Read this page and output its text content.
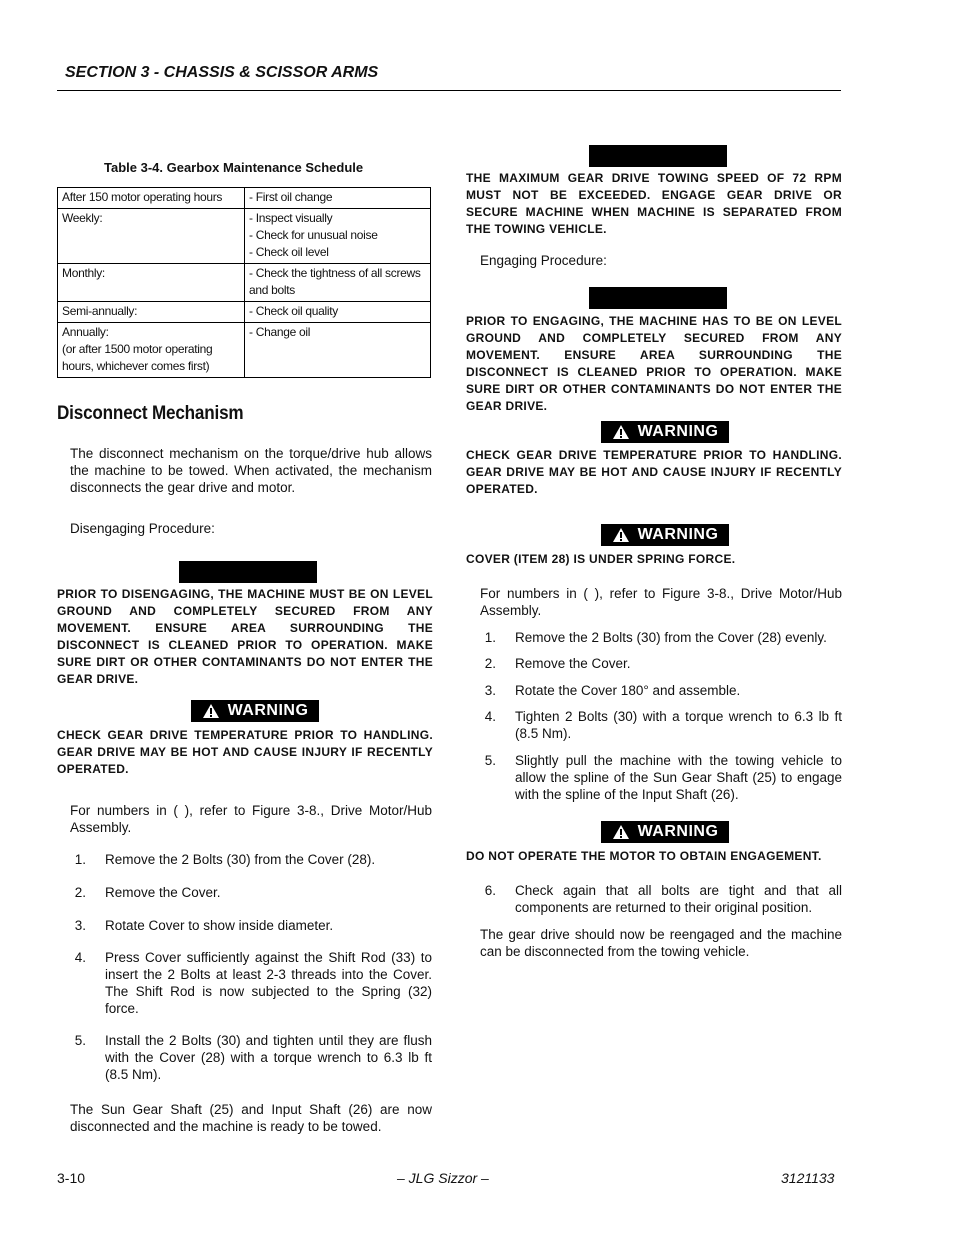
SECTION 3 - CHASSIS & SCISSOR ARMS
Table 3-4. Gearbox Maintenance Schedule
After 150 motor operating hours	- First oil change

Weekly:	- Inspect visually
- Check for unusual noise
- Check oil level

Monthly:	- Check the tightness of all screws
and bolts

Semi-annually:	- Check oil quality

Annually:
(or after 1500 motor operating
hours, whichever comes first)	- Change oil
Disconnect Mechanism
The disconnect mechanism on the torque/drive hub allows the machine to be towed. When activated, the mechanism disconnects the gear drive and motor.
Disengaging Procedure:
PRIOR TO DISENGAGING, THE MACHINE MUST BE ON LEVEL GROUND AND COMPLETELY SECURED FROM ANY MOVEMENT. ENSURE AREA SURROUNDING THE DISCONNECT IS CLEANED PRIOR TO OPERATION. MAKE SURE DIRT OR OTHER CONTAMINANTS DO NOT ENTER THE GEAR DRIVE.
WARNING
CHECK GEAR DRIVE TEMPERATURE PRIOR TO HANDLING. GEAR DRIVE MAY BE HOT AND CAUSE INJURY IF RECENTLY OPERATED.
For numbers in ( ), refer to Figure 3-8., Drive Motor/Hub Assembly.
1. Remove the 2 Bolts (30) from the Cover (28).
2. Remove the Cover.
3. Rotate Cover to show inside diameter.
4. Press Cover sufficiently against the Shift Rod (33) to insert the 2 Bolts at least 2-3 threads into the Cover. The Shift Rod is now subjected to the Spring (32) force.
5. Install the 2 Bolts (30) and tighten until they are flush with the Cover (28) with a torque wrench to 6.3 lb ft (8.5 Nm).
The Sun Gear Shaft (25) and Input Shaft (26) are now disconnected and the machine is ready to be towed.
THE MAXIMUM GEAR DRIVE TOWING SPEED OF 72 RPM MUST NOT BE EXCEEDED. ENGAGE GEAR DRIVE OR SECURE MACHINE WHEN MACHINE IS SEPARATED FROM THE TOWING VEHICLE.
Engaging Procedure:
PRIOR TO ENGAGING, THE MACHINE HAS TO BE ON LEVEL GROUND AND COMPLETELY SECURED FROM ANY MOVEMENT. ENSURE AREA SURROUNDING THE DISCONNECT IS CLEANED PRIOR TO OPERATION. MAKE SURE DIRT OR OTHER CONTAMINANTS DO NOT ENTER THE GEAR DRIVE.
WARNING
CHECK GEAR DRIVE TEMPERATURE PRIOR TO HANDLING. GEAR DRIVE MAY BE HOT AND CAUSE INJURY IF RECENTLY OPERATED.
WARNING
COVER (ITEM 28) IS UNDER SPRING FORCE.
For numbers in ( ), refer to Figure 3-8., Drive Motor/Hub Assembly.
1. Remove the 2 Bolts (30) from the Cover (28) evenly.
2. Remove the Cover.
3. Rotate the Cover 180° and assemble.
4. Tighten 2 Bolts (30) with a torque wrench to 6.3 lb ft (8.5 Nm).
5. Slightly pull the machine with the towing vehicle to allow the spline of the Sun Gear Shaft (25) to engage with the spline of the Input Shaft (26).
WARNING
DO NOT OPERATE THE MOTOR TO OBTAIN ENGAGEMENT.
6. Check again that all bolts are tight and that all components are returned to their original position.
The gear drive should now be reengaged and the machine can be disconnected from the towing vehicle.
3-10	– JLG Sizzor –	3121133
